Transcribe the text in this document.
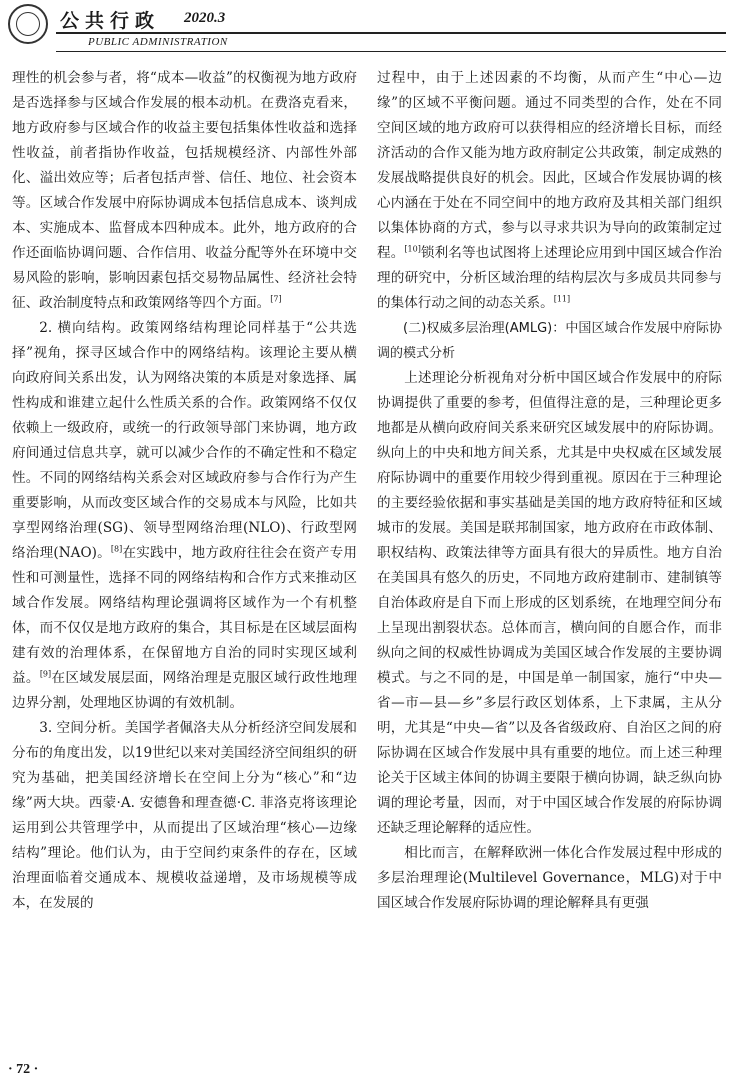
公共行政 2020.3
PUBLIC ADMINISTRATION

理性的机会参与者，将“成本—收益”的权衡视为地方政府是否选择参与区域合作发展的根本动机。在费洛克看来，地方政府参与区域合作的收益主要包括集体性收益和选择性收益，前者指协作收益，包括规模经济、内部性外部化、溢出效应等；后者包括声誉、信任、地位、社会资本等。区域合作发展中府际协调成本包括信息成本、谈判成本、实施成本、监督成本四种成本。此外，地方政府的合作还面临协调问题、合作信用、收益分配等外在环境中交易风险的影响，影响因素包括交易物品属性、经济社会特征、政治制度特点和政策网络等四个方面。[7]

2. 横向结构。政策网络结构理论同样基于“公共选择”视角，探寻区域合作中的网络结构。该理论主要从横向政府间关系出发，认为网络决策的本质是对象选择、属性构成和谁建立起什么性质关系的合作。政策网络不仅仅依赖上一级政府，或统一的行政领导部门来协调，地方政府间通过信息共享，就可以减少合作的不确定性和不稳定性。不同的网络结构关系会对区域政府参与合作行为产生重要影响，从而改变区域合作的交易成本与风险，比如共享型网络治理(SG)、领导型网络治理(NLO)、行政型网络治理(NAO)。[8]在实践中，地方政府往往会在资产专用性和可测量性，选择不同的网络结构和合作方式来推动区域合作发展。网络结构理论强调将区域作为一个有机整体，而不仅仅是地方政府的集合，其目标是在区域层面构建有效的治理体系，在保留地方自治的同时实现区域利益。[9]在区域发展层面，网络治理是克服区域行政性地理边界分割，处理地区协调的有效机制。

3. 空间分析。美国学者佩洛夫从分析经济空间发展和分布的角度出发，以19世纪以来对美国经济空间组织的研究为基础，把美国经济增长在空间上分为“核心”和“边缘”两大块。西蒙·A. 安德鲁和理查德·C. 菲洛克将该理论运用到公共管理学中，从而提出了区域治理“核心—边缘结构”理论。他们认为，由于空间约束条件的存在，区域治理面临着交通成本、规模收益递增，及市场规模等成本，在发展的

过程中，由于上述因素的不均衡，从而产生“中心—边缘”的区域不平衡问题。通过不同类型的合作，处在不同空间区域的地方政府可以获得相应的经济增长目标，而经济活动的合作又能为地方政府制定公共政策，制定成熟的发展战略提供良好的机会。因此，区域合作发展协调的核心内涵在于处在不同空间中的地方政府及其相关部门组织以集体协商的方式，参与以寻求共识为导向的政策制定过程。[10]锁利名等也试图将上述理论应用到中国区域合作治理的研究中，分析区域治理的结构层次与多成员共同参与的集体行动之间的动态关系。[11]

(二)权威多层治理(AMLG)：中国区域合作发展中府际协调的模式分析

上述理论分析视角对分析中国区域合作发展中的府际协调提供了重要的参考，但值得注意的是，三种理论更多地都是从横向政府间关系来研究区域发展中的府际协调。纵向上的中央和地方间关系，尤其是中央权威在区域发展府际协调中的重要作用较少得到重视。原因在于三种理论的主要经验依据和事实基础是美国的地方政府特征和区域城市的发展。美国是联邦制国家，地方政府在市政体制、职权结构、政策法律等方面具有很大的异质性。地方自治在美国具有悠久的历史，不同地方政府建制市、建制镇等自治体政府是自下而上形成的区划系统，在地理空间分布上呈现出割裂状态。总体而言，横向间的自愿合作，而非纵向之间的权威性协调成为美国区域合作发展的主要协调模式。与之不同的是，中国是单一制国家，施行“中央—省—市—县—乡”多层行政区划体系，上下隶属，主从分明，尤其是“中央—省”以及各省级政府、自治区之间的府际协调在区域合作发展中具有重要的地位。而上述三种理论关于区域主体间的协调主要限于横向协调，缺乏纵向协调的理论考量，因而，对于中国区域合作发展的府际协调还缺乏理论解释的适应性。

相比而言，在解释欧洲一体化合作发展过程中形成的多层治理理论(Multilevel Governance，MLG)对于中国区域合作发展府际协调的理论解释具有更强

· 72 ·
